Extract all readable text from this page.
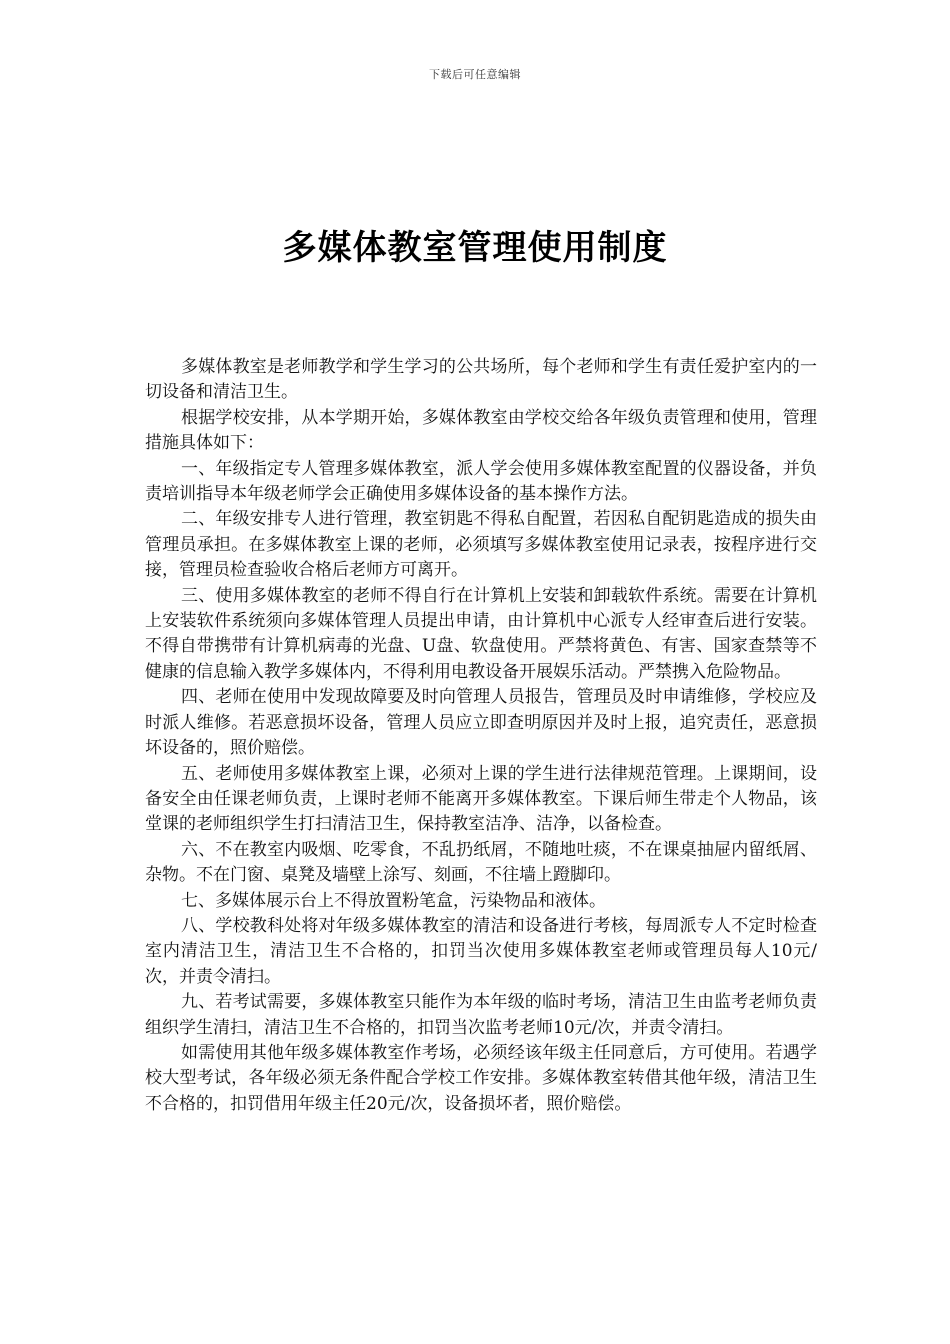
下载后可任意编辑
多媒体教室管理使用制度

多媒体教室是老师教学和学生学习的公共场所，每个老师和学生有责任爱护室内的一切设备和清洁卫生。

根据学校安排，从本学期开始，多媒体教室由学校交给各年级负责管理和使用，管理措施具体如下：

一、年级指定专人管理多媒体教室，派人学会使用多媒体教室配置的仪器设备，并负责培训指导本年级老师学会正确使用多媒体设备的基本操作方法。

二、年级安排专人进行管理，教室钥匙不得私自配置，若因私自配钥匙造成的损失由管理员承担。在多媒体教室上课的老师，必须填写多媒体教室使用记录表，按程序进行交接，管理员检查验收合格后老师方可离开。

三、使用多媒体教室的老师不得自行在计算机上安装和卸载软件系统。需要在计算机上安装软件系统须向多媒体管理人员提出申请，由计算机中心派专人经审查后进行安装。不得自带携带有计算机病毒的光盘、U盘、软盘使用。严禁将黄色、有害、国家查禁等不健康的信息输入教学多媒体内，不得利用电教设备开展娱乐活动。严禁携入危险物品。

四、老师在使用中发现故障要及时向管理人员报告，管理员及时申请维修，学校应及时派人维修。若恶意损坏设备，管理人员应立即查明原因并及时上报，追究责任，恶意损坏设备的，照价赔偿。

五、老师使用多媒体教室上课，必须对上课的学生进行法律规范管理。上课期间，设备安全由任课老师负责，上课时老师不能离开多媒体教室。下课后师生带走个人物品，该堂课的老师组织学生打扫清洁卫生，保持教室洁净、洁净，以备检查。

六、不在教室内吸烟、吃零食，不乱扔纸屑，不随地吐痰，不在课桌抽屉内留纸屑、杂物。不在门窗、桌凳及墙壁上涂写、刻画，不往墙上蹬脚印。

七、多媒体展示台上不得放置粉笔盒，污染物品和液体。

八、学校教科处将对年级多媒体教室的清洁和设备进行考核，每周派专人不定时检查室内清洁卫生，清洁卫生不合格的，扣罚当次使用多媒体教室老师或管理员每人10元/次，并责令清扫。

九、若考试需要，多媒体教室只能作为本年级的临时考场，清洁卫生由监考老师负责组织学生清扫，清洁卫生不合格的，扣罚当次监考老师10元/次，并责令清扫。

如需使用其他年级多媒体教室作考场，必须经该年级主任同意后，方可使用。若遇学校大型考试，各年级必须无条件配合学校工作安排。多媒体教室转借其他年级，清洁卫生不合格的，扣罚借用年级主任20元/次，设备损坏者，照价赔偿。
